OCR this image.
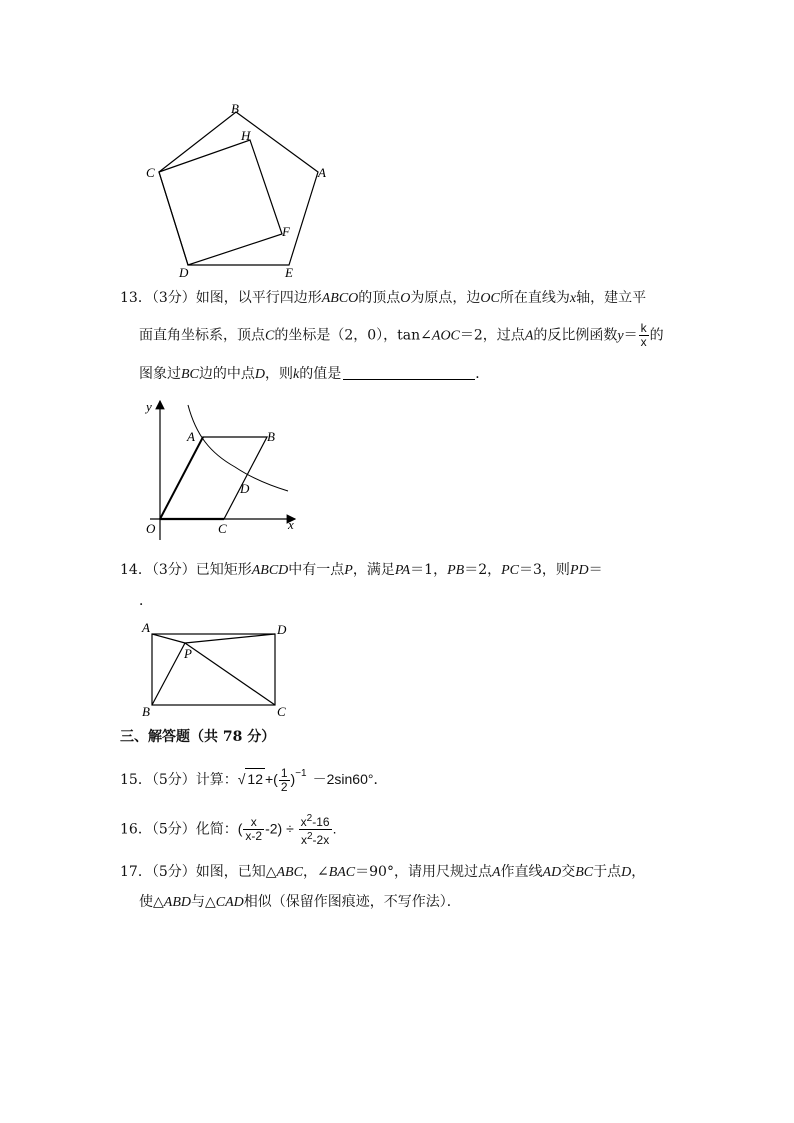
B
H
C	A
F
D	E
13．（3分）如图，以平行四边形ABCO的顶点O为原点，边OC所在直线为x轴，建立平
面直角坐标系，顶点C的坐标是（2，0），tan∠AOC＝2，过点A的反比例函数$y= \frac{k}{x}$ 的
图象过BC边的中点D，则k的值是	．
y
A	B
D
O	C	x
14．（3分）已知矩形ABCD中有一点P，满足PA＝1，PB＝2，PC＝3，则PD＝
．
A	D
P
B	C
三、解答题（共 78 分）
15．（5分）计算：√ 12 +( $\frac{1}{2} )^{-1} -2\sin 60^\circ$．
16．（5分）化简：( $\frac{x}{x-2} -2) \div \frac{x^2-16}{x^2-2x}$ .
17．（5分）如图，已知△ABC，∠BAC＝90°，请用尺规过点A作直线AD交BC于点D，
使△ABD与△CAD相似（保留作图痕迹，不写作法）．
